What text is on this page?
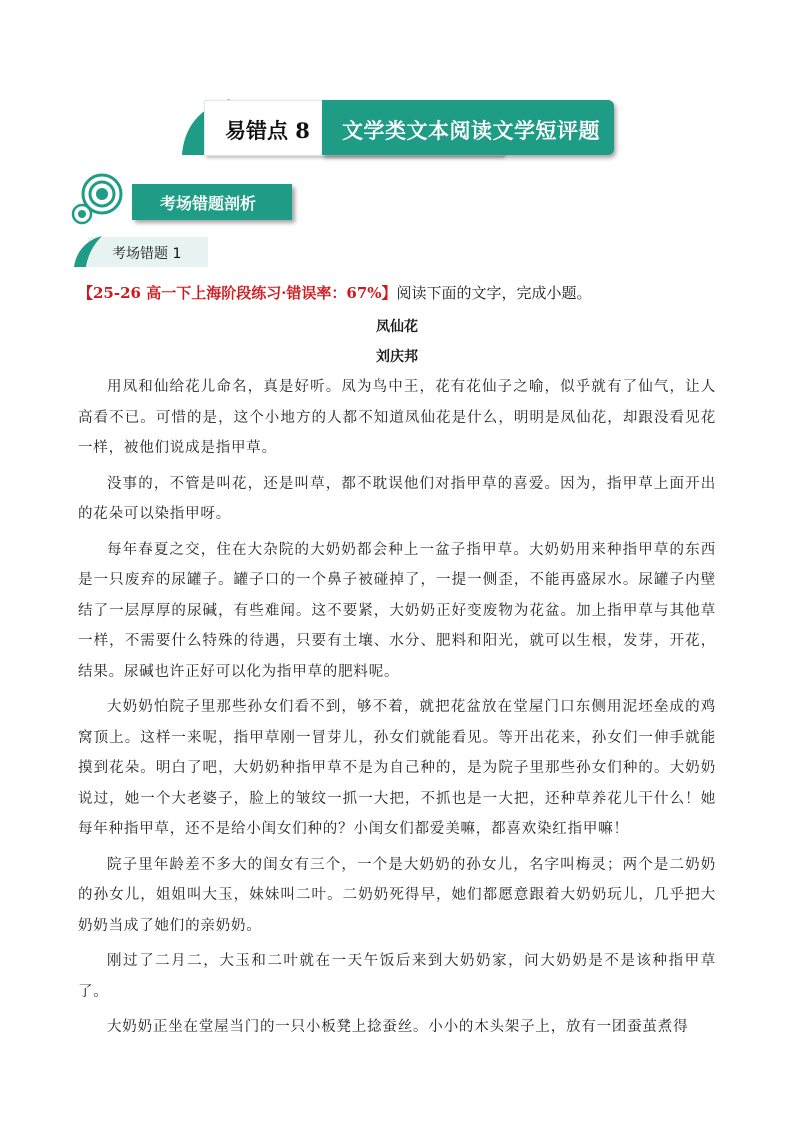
易错点 8 文学类文本阅读文学短评题
考场错题剖析
考场错题 1
【25-26 高一下上海阶段练习·错误率：67%】阅读下面的文字，完成小题。
凤仙花
刘庆邦

用凤和仙给花儿命名，真是好听。凤为鸟中王，花有花仙子之喻，似乎就有了仙气，让人高看不已。可惜的是，这个小地方的人都不知道凤仙花是什么，明明是凤仙花，却跟没看见花一样，被他们说成是指甲草。

没事的，不管是叫花，还是叫草，都不耽误他们对指甲草的喜爱。因为，指甲草上面开出的花朵可以染指甲呀。

每年春夏之交，住在大杂院的大奶奶都会种上一盆子指甲草。大奶奶用来种指甲草的东西是一只废弃的尿罐子。罐子口的一个鼻子被碰掉了，一提一侧歪，不能再盛尿水。尿罐子内壁结了一层厚厚的尿碱，有些难闻。这不要紧，大奶奶正好变废物为花盆。加上指甲草与其他草一样，不需要什么特殊的待遇，只要有土壤、水分、肥料和阳光，就可以生根，发芽，开花，结果。尿碱也许正好可以化为指甲草的肥料呢。

大奶奶怕院子里那些孙女们看不到，够不着，就把花盆放在堂屋门口东侧用泥坯垒成的鸡窝顶上。这样一来呢，指甲草刚一冒芽儿，孙女们就能看见。等开出花来，孙女们一伸手就能摸到花朵。明白了吧，大奶奶种指甲草不是为自己种的，是为院子里那些孙女们种的。大奶奶说过，她一个大老婆子，脸上的皱纹一抓一大把，不抓也是一大把，还种草养花儿干什么！她每年种指甲草，还不是给小闺女们种的？小闺女们都爱美嘛，都喜欢染红指甲嘛！

院子里年龄差不多大的闺女有三个，一个是大奶奶的孙女儿，名字叫梅灵；两个是二奶奶的孙女儿，姐姐叫大玉，妹妹叫二叶。二奶奶死得早，她们都愿意跟着大奶奶玩儿，几乎把大奶奶当成了她们的亲奶奶。

刚过了二月二，大玉和二叶就在一天午饭后来到大奶奶家，问大奶奶是不是该种指甲草了。

大奶奶正坐在堂屋当门的一只小板凳上捻蚕丝。小小的木头架子上，放有一团蚕茧煮得
